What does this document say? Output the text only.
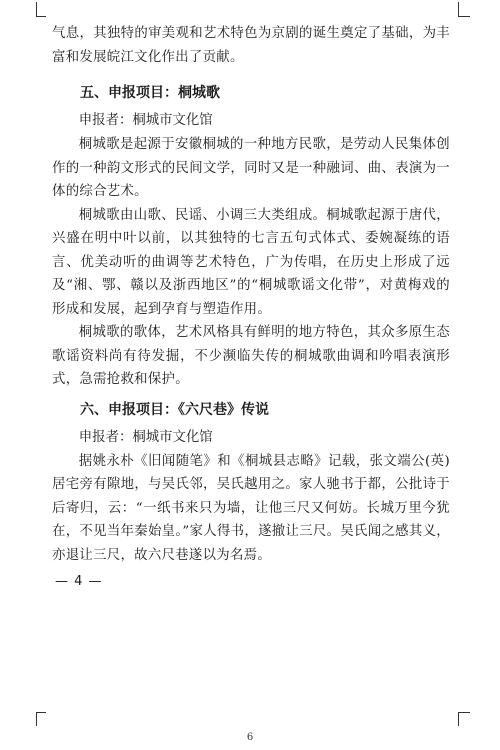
气息，其独特的审美观和艺术特色为京剧的诞生奠定了基础，为丰富和发展皖江文化作出了贡献。

五、申报项目：桐城歌

申报者：桐城市文化馆

桐城歌是起源于安徽桐城的一种地方民歌，是劳动人民集体创作的一种韵文形式的民间文学，同时又是一种融词、曲、表演为一体的综合艺术。

桐城歌由山歌、民谣、小调三大类组成。桐城歌起源于唐代，兴盛在明中叶以前，以其独特的七言五句式体式、委婉凝练的语言、优美动听的曲调等艺术特色，广为传唱，在历史上形成了远及“湘、鄂、赣以及浙西地区”的“桐城歌谣文化带”，对黄梅戏的形成和发展，起到孕育与塑造作用。

桐城歌的歌体，艺术风格具有鲜明的地方特色，其众多原生态歌谣资料尚有待发掘，不少濒临失传的桐城歌曲调和吟唱表演形式，急需抢救和保护。

六、申报项目：《六尺巷》传说

申报者：桐城市文化馆

据姚永朴《旧闻随笔》和《桐城县志略》记载，张文端公(英)居宅旁有隙地，与吴氏邻，吴氏越用之。家人驰书于都，公批诗于后寄归，云：“一纸书来只为墙，让他三尺又何妨。长城万里今犹在，不见当年秦始皇。”家人得书，遂撤让三尺。吴氏闻之感其义，亦退让三尺，故六尺巷遂以为名焉。

— 4 —
6
